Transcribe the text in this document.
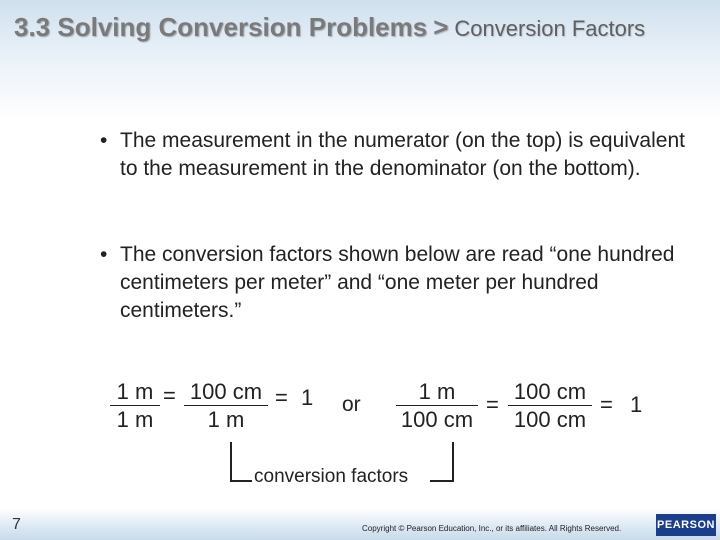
3.3 Solving Conversion Problems > Conversion Factors
• The measurement in the numerator (on the top) is equivalent to the measurement in the denominator (on the bottom).
• The conversion factors shown below are read “one hundred centimeters per meter” and “one meter per hundred centimeters.”
$\frac{1 m}{1 m} = \frac{100 cm}{1 m} = 1$ or $\frac{1 m}{100 cm} = \frac{100 cm}{100 cm} = 1$
conversion factors
7	Copyright © Pearson Education, Inc., or its affiliates. All Rights Reserved.	PEARSON
